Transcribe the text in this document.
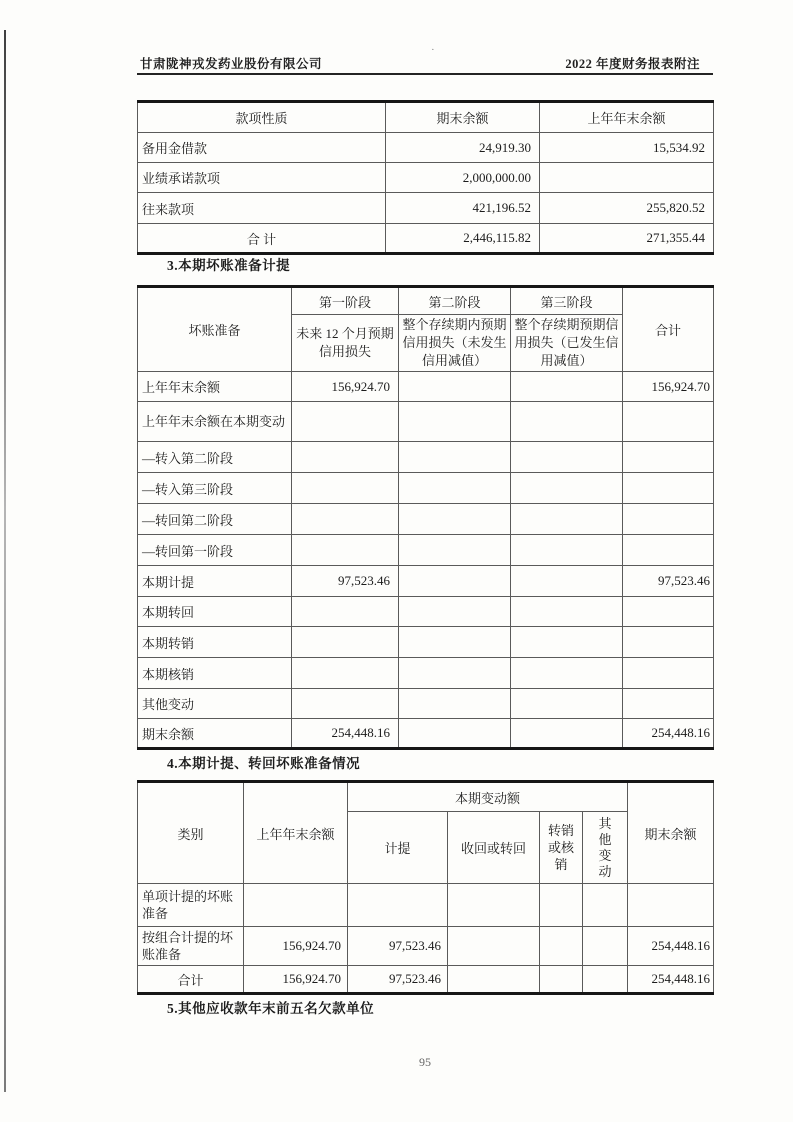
·
甘肃陇神戎发药业股份有限公司	2022 年度财务报表附注
款项性质	期末余额	上年年末余额
备用金借款	24,919.30	15,534.92
业绩承诺款项	2,000,000.00	
往来款项	421,196.52	255,820.52
合 计	2,446,115.82	271,355.44
3.本期坏账准备计提
坏账准备	第一阶段	第二阶段	第三阶段	合计
	未来 12 个月预期信用损失	整个存续期内预期信用损失（未发生信用减值）	整个存续期预期信用损失（已发生信用减值）	
上年年末余额	156,924.70			156,924.70
上年年末余额在本期变动				
—转入第二阶段				
—转入第三阶段				
—转回第二阶段				
—转回第一阶段				
本期计提	97,523.46			97,523.46
本期转回				
本期转销				
本期核销				
其他变动				
期末余额	254,448.16			254,448.16
4.本期计提、转回坏账准备情况
类别	上年年末余额	本期变动额				期末余额
		计提	收回或转回	转销或核销	其他变动	
单项计提的坏账准备						
按组合计提的坏账准备	156,924.70	97,523.46				254,448.16
合计	156,924.70	97,523.46				254,448.16
5.其他应收款年末前五名欠款单位
95
